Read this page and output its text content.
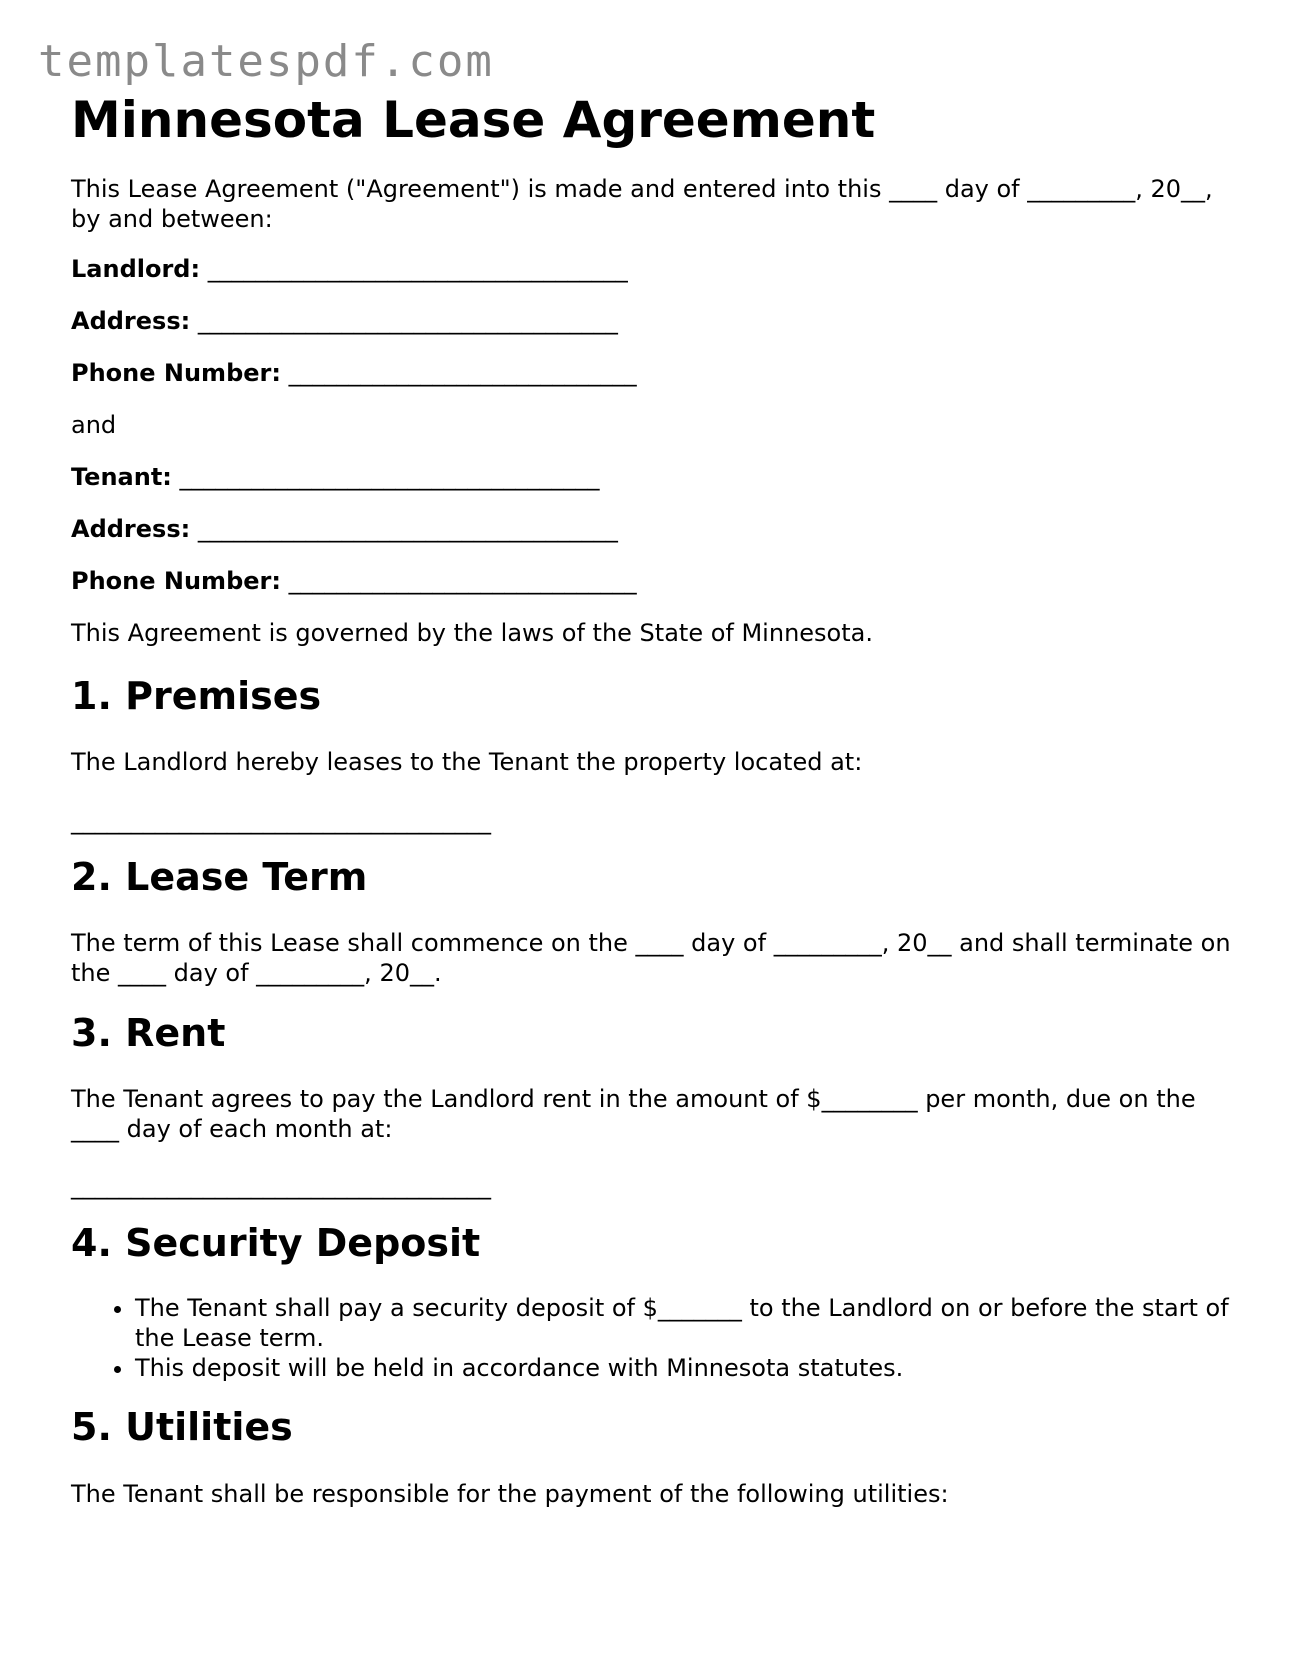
templatespdf.com
Minnesota Lease Agreement

This Lease Agreement ("Agreement") is made and entered into this ____ day of _________, 20__, by and between:

Landlord: ___________________________________

Address: ___________________________________

Phone Number: _____________________________

and

Tenant: ___________________________________

Address: ___________________________________

Phone Number: _____________________________

This Agreement is governed by the laws of the State of Minnesota.

1. Premises

The Landlord hereby leases to the Tenant the property located at:

___________________________________

2. Lease Term

The term of this Lease shall commence on the ____ day of _________, 20__ and shall terminate on the ____ day of _________, 20__.

3. Rent

The Tenant agrees to pay the Landlord rent in the amount of $________ per month, due on the ____ day of each month at:

___________________________________

4. Security Deposit
• The Tenant shall pay a security deposit of $_______ to the Landlord on or before the start of the Lease term.
• This deposit will be held in accordance with Minnesota statutes.
5. Utilities

The Tenant shall be responsible for the payment of the following utilities:
